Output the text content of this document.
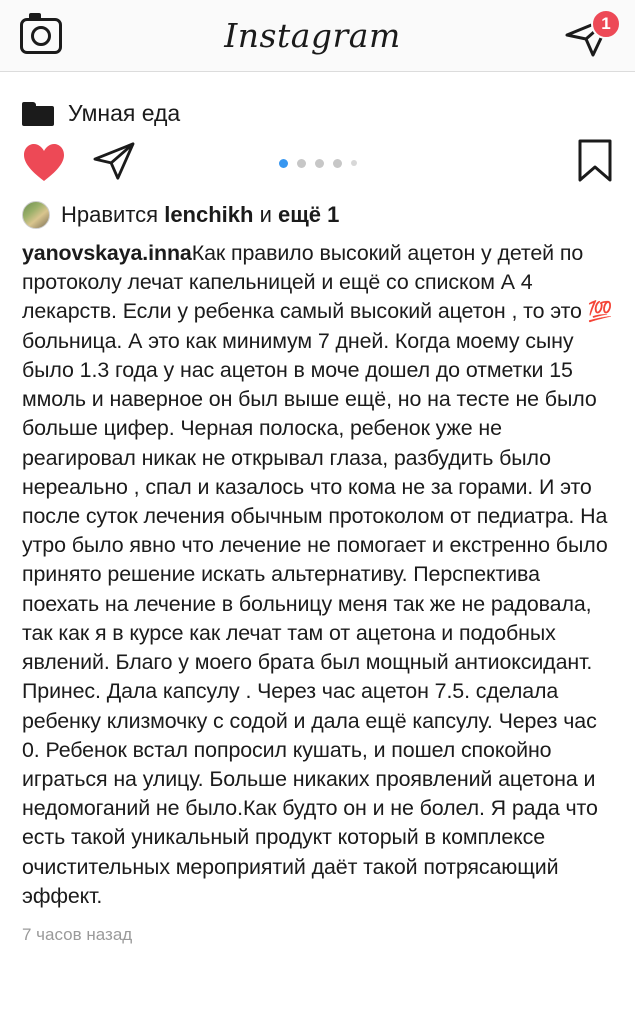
Instagram	1
Умная еда
Нравится lenchikh и ещё 1
yanovskaya.innaКак правило высокий ацетон у детей по протоколу лечат капельницей и ещё со списком А 4 лекарств. Если у ребенка самый высокий ацетон , то это 💯 больница. А это как минимум 7 дней. Когда моему сыну было 1.3 года у нас ацетон в моче дошел до отметки 15 ммоль и наверное он был выше ещё, но на тесте не было больше цифер. Черная полоска, ребенок уже не реагировал никак не открывал глаза, разбудить было нереально , спал и казалось что кома не за горами. И это после суток лечения обычным протоколом от педиатра. На утро было явно что лечение не помогает и екстренно было принято решение искать альтернативу. Перспектива поехать на лечение в больницу меня так же не радовала, так как я в курсе как лечат там от ацетона и подобных явлений. Благо у моего брата был мощный антиоксидант. Принес. Дала капсулу . Через час ацетон 7.5. сделала ребенку клизмочку с содой и дала ещё капсулу. Через час 0. Ребенок встал попросил кушать, и пошел спокойно играться на улицу. Больше никаких проявлений ацетона и недомоганий не было.Как будто он и не болел. Я рада что есть такой уникальный продукт который в комплексе очистительных мероприятий даёт такой потрясающий эффект.
7 часов назад
